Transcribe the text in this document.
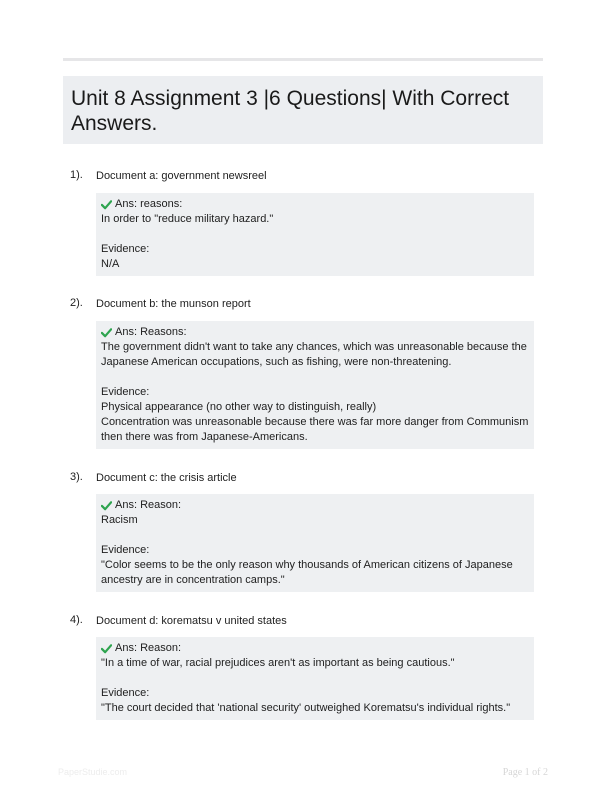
Unit 8 Assignment 3 |6 Questions| With Correct
Answers.
1). Document a: government newsreel
Ans: reasons:
In order to "reduce military hazard."
Evidence:
N/A
2). Document b: the munson report
Ans: Reasons:
The government didn't want to take any chances, which was unreasonable because the
Japanese American occupations, such as fishing, were non-threatening.
Evidence:
Physical appearance (no other way to distinguish, really)
Concentration was unreasonable because there was far more danger from Communism
then there was from Japanese-Americans.
3). Document c: the crisis article
Ans: Reason:
Racism
Evidence:
"Color seems to be the only reason why thousands of American citizens of Japanese
ancestry are in concentration camps."
4). Document d: korematsu v united states
Ans: Reason:
"In a time of war, racial prejudices aren't as important as being cautious."
Evidence:
"The court decided that 'national security' outweighed Korematsu's individual rights."
PaperStudie.com	Page 1 of 2
